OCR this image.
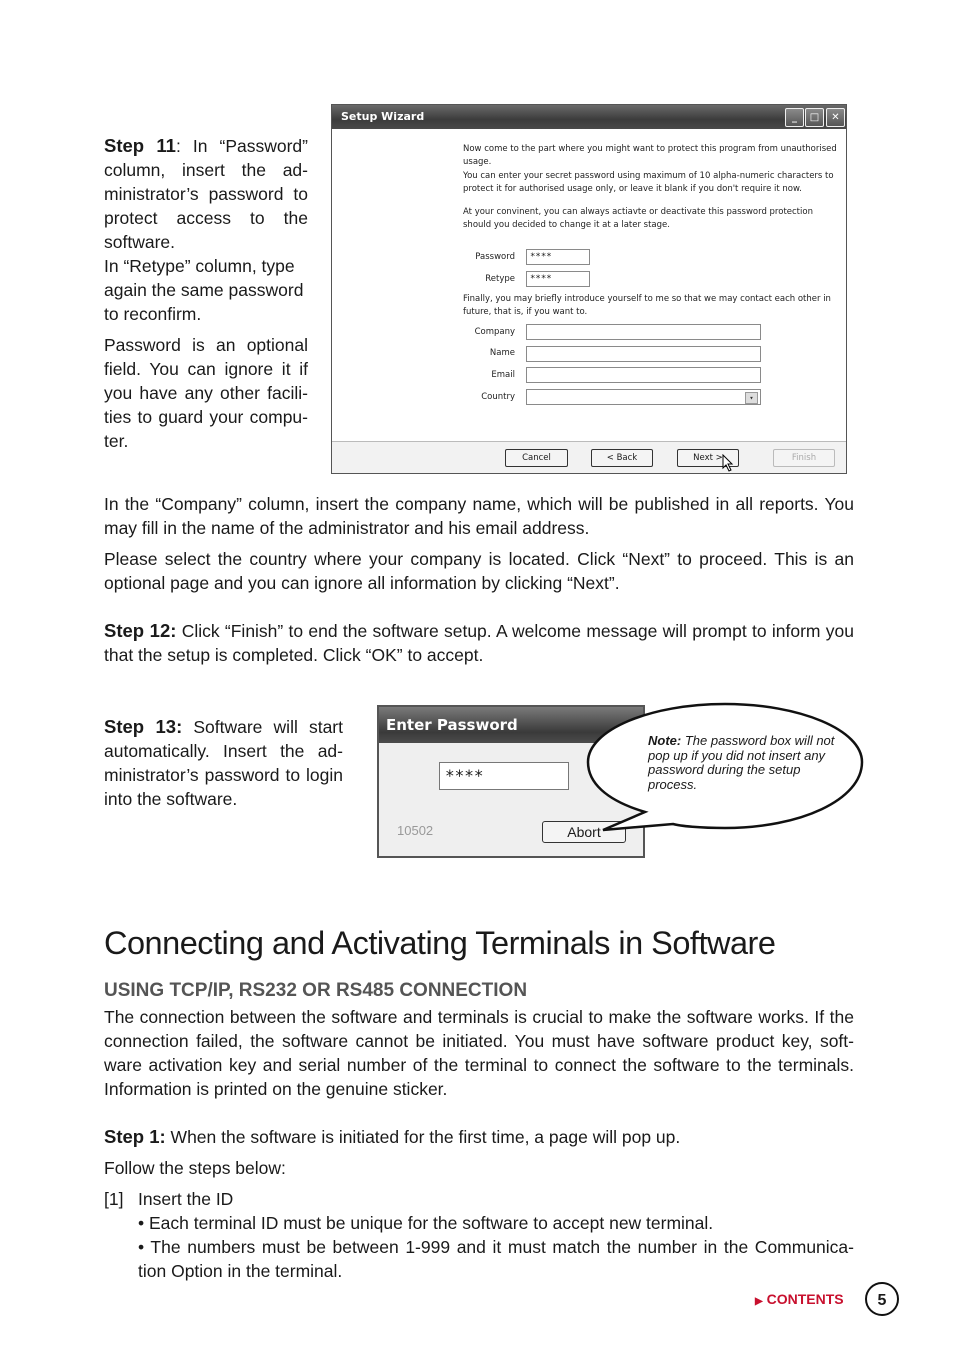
Step 11: In “Password” column, insert the ad-ministrator’s password to protect access to the software.
In “Retype” column, type again the same password to reconfirm.
Password is an optional field. You can ignore it if you have any other facili-ties to guard your compu-ter.
Setup Wizard	_	□	✕
Now come to the part where you might want to protect this program from unauthorised usage.
You can enter your secret password using maximum of 10 alpha-numeric characters to protect it for authorised usage only, or leave it blank if you don't require it now.
At your convinent, you can always actiavte or deactivate this password protection should you decided to change it at a later stage.
Password	****
Retype	****
Finally, you may briefly introduce yourself to me so that we may contact each other in future, that is, if you want to.
Company
Name
Email
Country	▾
Cancel	< Back	Next >	Finish
In the “Company” column, insert the company name, which will be published in all reports. You may fill in the name of the administrator and his email address.
Please select the country where your company is located. Click “Next” to proceed. This is an optional page and you can ignore all information by clicking “Next”.
Step 12: Click “Finish” to end the software setup. A welcome message will prompt to inform you that the setup is completed. Click “OK” to accept.
Step 13: Software will start automatically. Insert the ad-ministrator’s password to login into the software.
Enter Password
****
10502	Abort
Note: The password box will not pop up if you did not insert any password during the setup process.
Connecting and Activating Terminals in Software
USING TCP/IP, RS232 OR RS485 CONNECTION
The connection between the software and terminals is crucial to make the software works. If the connection failed, the software cannot be initiated. You must have software product key, soft-ware activation key and serial number of the terminal to connect the software to the terminals. Information is printed on the genuine sticker.
Step 1: When the software is initiated for the first time, a page will pop up.
Follow the steps below:
[1] Insert the ID
• Each terminal ID must be unique for the software to accept new terminal.
• The numbers must be between 1-999 and it must match the number in the Communica-tion Option in the terminal.
▶ CONTENTS	5
